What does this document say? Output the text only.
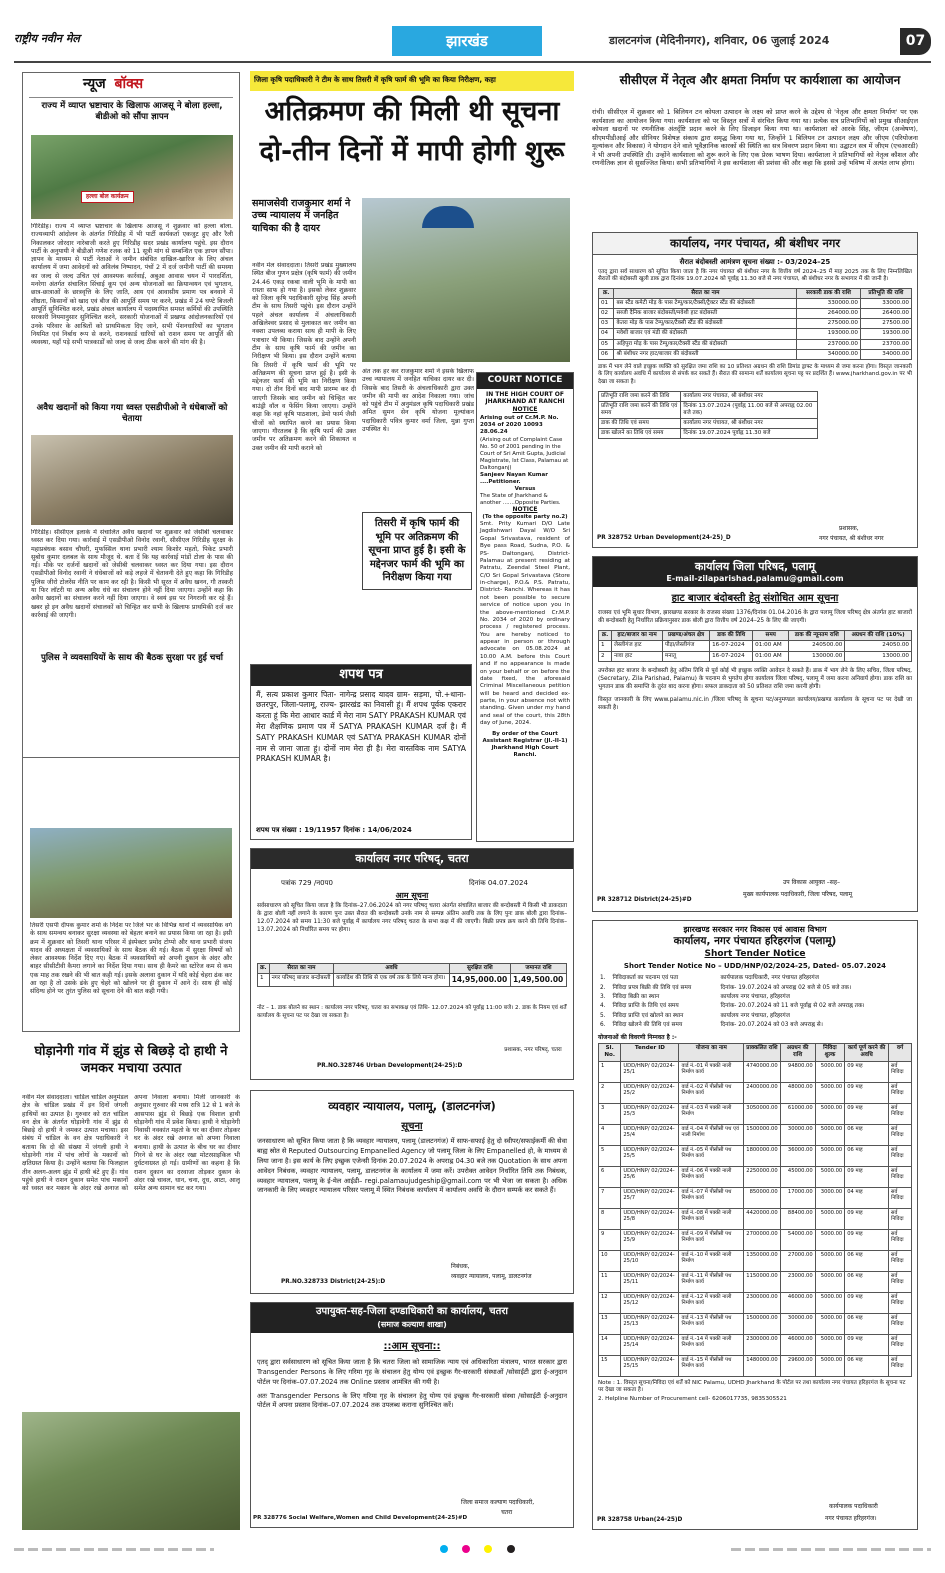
राष्ट्रीय नवीन मेल	झारखंड	डालटनगंज (मेदिनीनगर), शनिवार, 06 जुलाई 2024	07
न्यूज बॉक्स
राज्य में व्याप्त भ्रष्टाचार के खिलाफ आजसू ने बोला हल्ला, बीडीओ को सौंपा ज्ञापन
हल्ला बोल कार्यक्रम
गिरिडीह। राज्य में व्याप्त भ्रष्टाचार के खिलाफ आजसू ने शुक्रवार को हल्ला बोला. राज्यव्यापी आंदोलन के अंतर्गत गिरिडीह में भी पार्टी कार्यकर्ता एकजुट हुए और रैली निकालकर जोरदार नारेबाजी करते हुए गिरिडीह सदर प्रखंड कार्यालय पहुंचे. इस दौरान पार्टी के अनुयायी ने बीडीओ गणेश रजक को 11 सूत्री मांग से सम्बन्धित एक ज्ञापन सौंपा। ज्ञापन के माध्यम से पार्टी नेताओं ने जमीन संबंधित दाखिल-खारिज के लिए अंचल कार्यालय में जमा आवेदनों को अविलंब निष्पादन, पंचों 2 में दर्ज जमीनी पार्टी की समस्या का जल्द से जल्द उचित एवं आवश्यक कार्रवाई, अबुआ आवास चयन में पारदर्शिता, मनरेगा अंतर्गत संचालित सिंचाई कूप एवं अन्य योजनाओं का क्रियान्वयन एवं भुगतान, छात्र-छात्राओं के छात्रवृत्ति के लिए जाति, आय एवं आवासीय प्रमाण पत्र बनवाने में शीघ्रता, किसानों को खाद एवं बीज की आपूर्ति समय पर करने, प्रखंड में 24 घण्टे बिजली आपूर्ति सुनिश्चित करने, प्रखंड अंचल कार्यालय में पदस्थापित समस्त कर्मियों की उपस्थिति सरकारी नियमानुसार सुनिश्चित करने, सरकारी योजनाओं में प्रखण्ड आंदोलनकारियों एवं उनके परिवार के आश्रितों को प्राथमिकता दिए जाने, सभी पेंशनधारियों का भुगतान नियमित एवं निर्बाध रूप से करने, राशनकार्ड धारियों को राशन समय पर आपूर्ति की व्यवस्था, यहाँ पड़े सभी पात्रकार्डों को जल्द से जल्द ठीक करने की मांग की है।
अवैध खदानों को किया गया ध्वस्त एसडीपीओ ने धंधेबाजों को चेताया
गिरिडीह। सीसीएल इलाके में संचालित अवैध खदानों पर शुक्रवार को जेसीबी चलवाकर ध्वस्त कर दिया गया। कार्रवाई में एसडीपीओ विनोद रवानी, सीसीएल गिरिडीह सुरक्षा के महाप्रबंधक बसाव चौधरी, मुफस्सिल थाना प्रभारी श्याम किशोर महतो, पिकेट प्रभारी सुबोध कुमार दलबल के साथ मौजूद थे. बता दें कि यह कार्रवाई मांडों टोला के पास की गई। मौके पर दर्जनों खदानों को जेसीबी चलवाकर ध्वस्त कर दिया गया। इस दौरान एसडीपीओ विनोद रवानी ने धंधेबाजों को कड़े लहजे में चेतावनी देते हुए कहा कि गिरिडीह पुलिस जीरो टोलरेंस नीति पर काम कर रही है। किसी भी सूरत में अवैध खनन, गौ तस्करी या फिर लॉटरी या अन्य अवैध धंधे का संचालन होने नहीं दिया जाएगा। उन्होंने कहा कि अवैध खदानों का संचालन करने नहीं दिया जाएगा। वे स्वयं इस पर निगरानी कर रहे हैं। खबर हो इन अवैध खदानों संचालकों को चिन्हित कर सभी के खिलाफ प्राथमिकी दर्ज कर कार्रवाई की जाएगी।
पुलिस ने व्यवसायियों के साथ की बैठक सुरक्षा पर हुई चर्चा
तिसरी एसपी दीपक कुमार शर्मा के निर्देश पर जिले भर के विभिन्न थानों में व्यवसायिक वर्ग के साथ समन्वय बनाकर सुरक्षा व्यवस्था को बेहतर बनाने का प्रयास किया जा रहा है। इसी क्रम में शुक्रवार को तिसरी थाना परिसर में इंस्पेक्टर प्रमोद टोप्पो और थाना प्रभारी संजय यादव की अध्यक्षता में व्यवसायिकों के साथ बैठक की गई। बैठक में सुरक्षा विषयों को लेकर आवश्यक निर्देश दिए गए। बैठक में व्यवसायियों को अपनी दुकान के अंदर और बाहर सीसीटीवी कैमरा लगाने का निर्देश दिया गया। साथ ही कैमरे का स्टोरेज कम से कम एक माह तक रखने की भी बात कही गई। इसके अलावा दुकान में यदि कोई चेहरा ढंक कर आ रहा है तो उसके ढंके हुए चेहरे को खोलने पर ही दुकान में आने दें। साथ ही कोई संदिग्ध होने पर तुरंत पुलिस को सूचना देने की बात कही गयी।
घोड़ानेगी गांव में झुंड से बिछड़े दो हाथी ने जमकर मचाया उत्पात
नवीन मेल संवाददाता। चाडिल चाडिल अनुमंडल क्षेत्र के चांडिल प्रखंड में इन दिनों जंगली हाथियों का उत्पात है। गुरुवार को रात चांडिल वन क्षेत्र के अंतर्गत घोड़ानेगी गांव में झुंड से बिछड़े दो हाथी ने जमकर उत्पात मचाया। इस संबंध में चांडिल के वन क्षेत्र पदाधिकारी ने बताया कि दो की संख्या में जंगली हाथी ने घोड़ानेगी गांव में पांच लोगों के मकानों को क्षतिग्रस्त किया है। उन्होंने बताया कि फिलहाल तीन अलग-अलग झुंड में हाथी बंटे हुए हैं। गांव पहुंचे हाथी ने राशन दुकान समेत पांच मकानों को ध्वस्त कर मकान के अंदर रखे अनाज को अपना निवाला बनाया। मिली जानकारी के अनुसार गुरुवार की मध्य रात्रि 12 से 1 बजे के आसपास झुंड से बिछड़े एक विशाल हाथी घोड़ानेगी गांव में प्रवेश किया। हाथी ने घोड़ानेगी निवासी नवकांत महतो के घर का दीवार तोड़कर घर के अंदर रखे अनाज को अपना निवाला बनाया। हाथी के उत्पात के बीच घर का दीवार गिरने से घर के अंदर रखा मोटरसाइकिल भी दुर्घटनाग्रस्त हो गई। ग्रामीणों का कहना है कि राशन दुकान का दरवाजा तोड़कर दुकान के अंदर रखे चावल, धान, चना, दूध, आटा, आलू समेत अन्य सामान चट कर गया।
जिला कृषि पदाधिकारी ने टीम के साथ तिसरी में कृषि फार्म की भूमि का किया निरीक्षण, कहा
अतिक्रमण की मिली थी सूचना
दो-तीन दिनों में मापी होगी शुरू
समाजसेवी राजकुमार शर्मा ने उच्च न्यायालय में जनहित याचिका की है दायर
नवीन मेल संवाददाता। तिसरी प्रखंड मुख्यालय स्थित बीज गुणन प्रक्षेत्र (कृषि फार्म) की जमीन 24.46 एकड़ रकबा वाली भूमि के मापी का रास्ता साफ हो गया है। इसको लेकर शुक्रवार को जिला कृषि पदाधिकारी सुरेन्द्र सिंह अपनी टीम के साथ तिसरी पहुंचे। इस दौरान उन्होंने पहले अंचल कार्यालय में अंचलाधिकारी अखिलेश्वर प्रसाद से मुलाकात कर जमीन का नक्शा उपलब्ध कराया साथ ही मापी के लिए पत्राचार भी किया। जिसके बाद उन्होंने अपनी टीम के साथ कृषि फार्म की जमीन का निरीक्षण भी किया। इस दौरान उन्होंने बताया कि तिसरी में कृषि फार्म की भूमि पर अतिक्रमण की सूचना प्राप्त हुई है। इसी के मद्देनजर फार्म की भूमि का निरीक्षण किया गया। दो तीन दिनों बाद मापी प्रारम्भ कर दी जाएगी जिसके बाद जमीन को चिन्हित कर बाउंड्री वॉल व फेंसिंग किया जाएगा। उन्होंने कहा कि नहां कृषि पाठशाला, डेमो फार्म जैसी चीजों को स्थापित करने का प्रयास किया जाएगा। गौरतलब है कि कृषि फार्म की उक्त जमीन पर अतिक्रमण करने की शिकायत व उक्त जमीन की मापी कराने को
अंत तक हर कर राजकुमार शर्मा ने इसके खिलाफ उच्च न्यायालय में जनहित याचिका दायर कर दी। जिसके बाद तिसरी के अंचलाधिकारी द्वारा उक्त जमीन की मापी का आदेश निकाला गया। जांच को पहुंचे टीम में अनुमंडल कृषि पदाधिकारी प्रखंड अमित सुमन सेन कृषि योजना मूल्यांकन पदाधिकारी पवित्र कुमार वर्मा जिला, मुन्ना गुप्ता उपस्थित थे।
तिसरी में कृषि फार्म की भूमि पर अतिक्रमण की सूचना प्राप्त हुई है। इसी के मद्देनजर फार्म की भूमि का निरीक्षण किया गया
COURT NOTICE
IN THE HIGH COURT OF JHARKHAND AT RANCHI
NOTICE
Arising out of Cr.M.P. No. 2034 of 2020 10093 28.06.24
(Arising out of Complaint Case No. 50 of 2001 pending in the Court of Sri Amit Gupta, Judicial Magistrate, Ist Class, Palamau at Daltonganj)
Sanjeev Nayan Kumar ....Petitioner.
Versus
The State of Jharkhand & another .......Opposite Parties.
NOTICE
(To the opposite party no.2)
Smt. Prity Kumari D/O Late Jagdishwari Dayal W/O Sri Gopal Srivastava, resident of Bye pass Road, Sudna, P.O. & PS- Daltonganj, District- Palamau at present residing at Patratu, Zeendal Steel Plant, C/O Sri Gopal Srivastava (Store in-charge), P.O.& P.S. Patratu, District- Ranchi. Whereas it has not been possible to secure service of notice upon you in the above-mentioned Cr.M.P. No. 2034 of 2020 by ordinary process / registered process. You are hereby noticed to appear in person or through advocate on 05.08.2024 at 10.00 A.M. before this Court and if no appearance is made on your behalf or on before the date fixed, the aforesaid Criminal Miscellaneous petition will be heard and decided ex-parte, in your absence not with standing. Given under my hand and seal of the court, this 28th day of June, 2024.
By order of the Court
Assistant Registrar (Jl.-II-1)
Jharkhand High Court
Ranchi.
शपथ पत्र
मैं, सत्य प्रकाश कुमार पिता- नागेन्द्र प्रसाद यादव ग्राम- सड़मा, पो.+थाना-छतरपुर, जिला-पलामू, राज्य- झारखंड का निवासी हूं। मैं शपथ पूर्वक एकरार करता हूं कि मेरा आधार कार्ड में मेरा नाम SATY PRAKASH KUMAR एवं मेरा शैक्षणिक प्रमाण पत्र में SATYA PRAKASH KUMAR दर्ज है। मैं SATY PRAKASH KUMAR एवं SATYA PRAKASH KUMAR दोनों नाम से जाना जाता हूं। दोनों नाम मेरा ही है। मेरा वास्तविक नाम SATYA PRAKASH KUMAR है।
शपथ पत्र संख्या : 19/11957 दिनांक : 14/06/2024
कार्यालय नगर परिषद्, चतरा
पत्रांक 729 /न0प0	दिनांक 04.07.2024
आम सूचना
सर्वसाधारण को सूचित किया जाता है कि दिनांक–27.06.2024 को नगर परिषद् चतरा अंतर्गत संचालित बाजार की बन्दोबस्ती में किसी भी डाकदाता के द्वारा बोली नहीं लगाने के कारण पुनः उक्त सैरात की बन्दोबस्ती उनके नाम से सम्पन्न अंतिम अवधि तक के लिए पुनः डाक बोली द्वारा दिनांक–12.07.2024 को समय 11:30 बजे पूर्वाह्न में कार्यालय नगर परिषद् चतरा के सभा कक्ष में की जाएगी। बिक्री प्रपत्र क्रय करने की तिथि दिनांक–13.07.2024 को निर्धारित समय पर होगा।
क्र.	सैरात का नाम	अवधि	सुरक्षित राशि	जमानत राशि
1	नगर परिषद् बाजार बन्दोबस्ती	कार्यादेश की तिथि से एक वर्ष तक के लिये मान्य होगा।	14,95,000.00	1,49,500.00
नोट – 1. डाक बोलने का स्थान : कार्यालय नगर परिषद्, चतरा का सभाकक्ष एवं तिथि- 12.07.2024 को पूर्वाह्न 11:00 बजे। 2. डाक के नियम एवं शर्तें कार्यालय के सूचना पट पर देखा जा सकता है।
PR.NO.328746 Urban Development(24-25):D
प्रशासक, नगर परिषद्, चतरा
व्यवहार न्यायालय, पलामू, (डालटनगंज)
सूचना
जनसाधारण को सूचित किया जाता है कि व्यवहार न्यायालय, पलामू (डालटनगंज) में साफ-सफाई हेतु दो स्वीपर/सफाईकर्मी की सेवा बाह्य स्रोत से Reputed Outsourcing Empanelled Agency जो पलामू जिला के लिए Empanelled हो, के माध्यम से लिया जाना है। इस कार्य के लिए इच्छुक एजेन्सी दिनांक 20.07.2024 के अपराह्न 04.30 बजे तक Quotation के साथ अपना आवेदन निबंधक, व्यवहार न्यायालय, पलामू, डालटनगंज के कार्यालय में जमा करें। उपरोक्त आवेदन निर्धारित तिथि तक निबंधक, व्यवहार न्यायालय, पलामू के ई-मेल आईडी– regi.palamaujudgeship@gmail.com पर भी भेजा जा सकता है। अधिक जानकारी के लिए व्यवहार न्यायालय परिसर पलामू में स्थित निबंधक कार्यालय में कार्यालय अवधि के दौरान सम्पर्क कर सकते हैं।
निबंधक,
व्यवहार न्यायालय, पलामू, डालटनगंज
PR.NO.328733 District(24-25):D
उपायुक्त-सह-जिला दण्डाधिकारी का कार्यालय, चतरा
(समाज कल्याण शाखा)
::आम सूचना::
एतद् द्वारा सर्वसाधारण को सूचित किया जाता है कि चतरा जिला को सामाजिक न्याय एवं अधिकारिता मंत्रालय, भारत सरकार द्वारा Transgender Persons के लिए गरिमा गृह के संचालन हेतु योग्य एवं इच्छुक गैर-सरकारी संस्थाओं /सोसाईटी द्वारा ई-अनुदान पोर्टल पर दिनांक–07.07.2024 तक Online प्रस्ताव आमंत्रित की गयी है।
अतः Transgender Persons के लिए गरिमा गृह के संचालन हेतु योग्य एवं इच्छुक गैर-सरकारी संस्था /सोसाईटी ई-अनुदान पोर्टल में अपना प्रस्ताव दिनांक–07.07.2024 तक उपलब्ध कराना सुनिश्चित करें।
जिला समाज कल्याण पदाधिकारी,
चतरा
PR 328776 Social Welfare,Women and Child Development(24-25)#D
सीसीएल में नेतृत्व और क्षमता निर्माण पर कार्यशाला का आयोजन
रांची। सीसीएल में शुक्रवार को 1 बिलियन टन कोयला उत्पादन के लक्ष्य को प्राप्त करने के उद्देश्य से 'नेतृत्व और क्षमता निर्माण' पर एक कार्यशाला का आयोजन किया गया। कार्यशाला को पर विस्तृत सत्रों में संरचित किया गया था। प्रत्येक सत्र प्रतिभागियों को प्रमुख सीआईएल कोयला खदानों पर रणनीतिक अंतर्दृष्टि प्रदान करने के लिए डिजाइन किया गया था। कार्यशाला को आरके सिंह, जीएम (अन्वेषण), सीएमपीडीआई और सीनियर विशेषज्ञ संकाय द्वारा समृद्ध किया गया था, जिन्होंने 1 बिलियन टन उत्पादन लक्ष्य और जीएम (परियोजना मूल्यांकन और विकास) ने योगदान देने वाले भूवैज्ञानिक कारकों की स्थिति का सत्र विवरण प्रदान किया था। उद्घाटन सत्र में जीएम (एचआरडी) ने भी अपनी उपस्थिति दी। उन्होंने कार्यशाला को शुरू करने के लिए एक प्रेरक भाषण दिया। कार्यशाला ने प्रतिभागियों को नेतृत्व कौशल और रणनीतिक ज्ञान से सुसज्जित किया। सभी प्रतिभागियों ने इस कार्यशाला की प्रशंसा की और कहा कि इससे उन्हें भविष्य में अत्यंत लाभ होगा।
कार्यालय, नगर पंचायत, श्री बंशीधर नगर
सैरात बंदोबस्ती आमंत्रण सूचना संख्या :- 03/2024–25
एतद् द्वारा सर्व साधारण को सूचित किया जाता है कि नगर पंचायत श्री बंशीधर नगर के वित्तीय वर्ष 2024–25 में माह 2025 तक के लिए निम्नलिखित सैरातों की बंदोबस्ती खुली डाक द्वारा दिनांक 19.07.2024 को पूर्वाह्न 11.30 बजे से नगर पंचायत, श्री बंशीधर नगर के सभागार में की जानी है।
क्र.	सैरात का नाम	सरकारी डाक की राशि	प्रतिभूति की राशि
01	बस स्टैंड कमेटी मोड़ के पास टेम्पू/कार/टैक्सी/ट्रैक्टर स्टैंड की बंदोबस्ती	330000.00	33000.00
02	सब्जी दैनिक बाजार बंदोबस्ती/मवेशी हाट बंदोबस्ती	264000.00	26400.00
03	केतरा मोड़ के पास टेम्पू/कार/टैक्सी स्टैंड की बंदोबस्ती	275000.00	27500.00
04	मवेशी बाजार एवं मंडी की बंदोबस्ती	193000.00	19300.00
05	अहिपुरा मोड़ के पास टेम्पू/कार/टैक्सी स्टैंड की बंदोबस्ती	237000.00	23700.00
06	श्री बंशीधर नगर हाट/बाजार की बंदोबस्ती	340000.00	34000.00
डाक में भाग लेने वाले इच्छुक व्यक्ति को सुरक्षित जमा राशि का 10 प्रतिशत अग्रधन की राशि डिमांड ड्राफ्ट के माध्यम से जमा करना होगा। विस्तृत जानकारी के लिए कार्यालय अवधि में कार्यालय से संपर्क कर सकते हैं। सैरात की सामान्य शर्तें कार्यालय सूचना पट्ट पर प्रदर्शित हैं। www.jharkhand.gov.in पर भी देखा जा सकता है।
प्रतिभूति राशि जमा करने की तिथि	कार्यालय नगर पंचायत, श्री बंशीधर नगर
प्रतिभूति राशि जमा करने की तिथि एवं समय	दिनांक 13.07.2024 (पूर्वाह्न 11.00 बजे से अपराह्न 02.00 बजे तक)
डाक की तिथि एवं समय	कार्यालय नगर पंचायत, श्री बंशीधर नगर
डाक खोलने का तिथि एवं समय	दिनांक 19.07.2024 पूर्वाह्न 11.30 बजे
PR 328752 Urban Development(24-25)_D
प्रशासक,
नगर पंचायत, श्री बंशीधर नगर
कार्यालय जिला परिषद, पलामू
E-mail-zilaparishad.palamu@gmail.com
हाट बाजार बंदोबस्ती हेतु संशोधित आम सूचना
राजस्व एवं भूमि सुधार विभाग, झारखण्ड सरकार के राजस्व संख्या 1376/दिनांक 01.04.2016 के द्वारा पलामू जिला परिषद् क्षेत्र अंतर्गत हाट बाजारों की बन्दोबस्ती हेतु निर्धारित प्रक्रियानुसार डाक बोली द्वारा वित्तीय वर्ष 2024–25 के लिए की जाएगी।
क्र.	हाट/बाजार का नाम	प्रखण्ड/अंचल क्षेत्र	डाक की तिथि	समय	डाक की न्यूनतम राशि	अग्रधन की राशि (10%)
1	लेस्लीगंज हाट	पौड़ा/लेस्लीगंज	16-07-2024	01:00 AM	240500.00	24050.00
2	नावा हाट	मनातू	16-07-2024	01:00 AM	130000.00	13000.00
उपरोक्त हाट बाजार के बन्दोबस्ती हेतु अंतिम तिथि से पूर्व कोई भी इच्छुक व्यक्ति आवेदन दे सकते हैं। डाक में भाग लेने के लिए सचिव, जिला परिषद, (Secretary, Zila Parishad, Palamu) के पदनाम से भुगतेय होगा कार्यालय जिला परिषद्, पलामू में जमा करना अनिवार्य होगा। डाक राशि का भुगतान डाक की समाप्ति के तुरंत बाद करना होगा। सफल डाकदाता को 50 प्रतिशत राशि जमा करनी होगी।
विस्तृत जानकारी के लिए www.palamu.nic.in /जिला परिषद् के सूचना पट/अनुमण्डल कार्यालय/प्रखण्ड कार्यालय के सूचना पट पर देखी जा सकती है।
उप विकास आयुक्त –सह–
मुख्य कार्यपालक पदाधिकारी, जिला परिषद, पलामू
PR 328712 District(24-25)#D
झारखण्ड सरकार नगर विकास एवं आवास विभाग
कार्यालय, नगर पंचायत हरिहरगंज (पलामू)
Short Tender Notice
Short Tender Notice No – UDD/HNP/02/2024-25, Dated- 05.07.2024
1.	निविदाकर्ता का पदनाम एवं पता	कार्यपालक पदाधिकारी, नगर पंचायत हरिहरगंज
2.	निविदा प्रपत्र बिक्री की तिथि एवं समय	दिनांक- 19.07.2024 को अपराह्न 02 बजे से 05 बजे तक।
3.	निविदा बिक्री का स्थान	कार्यालय नगर पंचायत, हरिहरगंज
4.	निविदा प्राप्ति के तिथि एवं समय	दिनांक- 20.07.2024 को 11 बजे पूर्वाह्न से 02 बजे अपराह्न तक।
5.	निविदा प्राप्ति एवं खोलने का स्थान	कार्यालय नगर पंचायत, हरिहरगंज
6.	निविदा खोलने की तिथि एवं समय	दिनांक- 20.07.2024 को 03 बजे अपराह्न से।
योजनाओं की विवरणी निम्नवत है :-
Sl. No.	Tender ID	योजना का नाम	प्राक्कलित राशि	अग्रधन की राशि	निविदा शुल्क	कार्य पूर्ण करने की अवधि	वर्ग
1	UDD/HNP/ 02/2024-25/1	वार्ड नं.-01 में पक्की नाली निर्माण कार्य	4740000.00	94800.00	5000.00	09 माह	सर्व निविदा
2	UDD/HNP/ 02/2024-25/2	वार्ड नं.-02 में पीसीसी पथ निर्माण कार्य	2400000.00	48000.00	5000.00	09 माह	सर्व निविदा
3	UDD/HNP/ 02/2024-25/3	वार्ड नं.-03 में पक्की नाली निर्माण	3050000.00	61000.00	5000.00	09 माह	सर्व निविदा
4	UDD/HNP/ 02/2024-25/4	वार्ड नं.-04 में पीसीसी पथ एवं नाली निर्माण	1500000.00	30000.00	5000.00	06 माह	सर्व निविदा
5	UDD/HNP/ 02/2024-25/5	वार्ड नं.-05 में पीसीसी पथ निर्माण कार्य	1800000.00	36000.00	5000.00	06 माह	सर्व निविदा
6	UDD/HNP/ 02/2024-25/6	वार्ड नं.-06 में पक्की नाली निर्माण कार्य	2250000.00	45000.00	5000.00	09 माह	सर्व निविदा
7	UDD/HNP/ 02/2024-25/7	वार्ड नं.-07 में पीसीसी पथ निर्माण कार्य	850000.00	17000.00	3000.00	04 माह	सर्व निविदा
8	UDD/HNP/ 02/2024-25/8	वार्ड नं.-08 में पक्की नाली निर्माण कार्य	4420000.00	88400.00	5000.00	09 माह	सर्व निविदा
9	UDD/HNP/ 02/2024-25/9	वार्ड नं.-09 में पीसीसी पथ निर्माण कार्य	2700000.00	54000.00	5000.00	09 माह	सर्व निविदा
10	UDD/HNP/ 02/2024-25/10	वार्ड नं.-10 में पक्की नाली निर्माण	1350000.00	27000.00	5000.00	06 माह	सर्व निविदा
11	UDD/HNP/ 02/2024-25/11	वार्ड नं.-11 में पीसीसी पथ निर्माण कार्य	1150000.00	23000.00	5000.00	06 माह	सर्व निविदा
12	UDD/HNP/ 02/2024-25/12	वार्ड नं.-12 में पक्की नाली निर्माण कार्य	2300000.00	46000.00	5000.00	09 माह	सर्व निविदा
13	UDD/HNP/ 02/2024-25/13	वार्ड नं.-13 में पीसीसी पथ निर्माण कार्य	1500000.00	30000.00	5000.00	06 माह	सर्व निविदा
14	UDD/HNP/ 02/2024-25/14	वार्ड नं.-14 में पक्की नाली निर्माण कार्य	2300000.00	46000.00	5000.00	09 माह	सर्व निविदा
15	UDD/HNP/ 02/2024-25/15	वार्ड नं.-15 में पीसीसी पथ निर्माण कार्य	1480000.00	29600.00	5000.00	06 माह	सर्व निविदा
Note : 1. विस्तृत सूचना/निविदा एवं शर्तें को NIC Palamu, UDHD Jharkhand के पोर्टल पर तथा कार्यालय नगर पंचायत हरिहरगंज के सूचना पट पर देखा जा सकता है।
2. Helpline Number of Procurement cell- 6206017735, 9835305521
PR 328758 Urban(24-25)D
कार्यपालक पदाधिकारी
नगर पंचायत हरिहरगंज।
